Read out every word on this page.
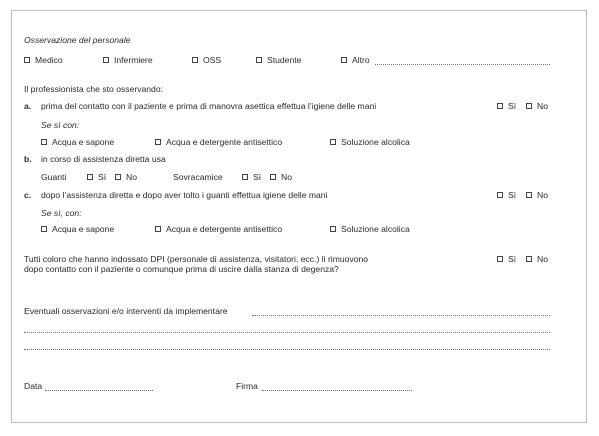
Osservazione del personale
Medico	Infermiere	OSS	Studente	Altro
Il professionista che sto osservando:
a. prima del contatto con il paziente e prima di manovra asettica effettua l’igiene delle mani	Sì	No
Se sì con:
Acqua e sapone	Acqua e detergente antisettico	Soluzione alcolica
b. in corso di assistenza diretta usa
Guanti	Sì	No	Sovracamice	Sì	No
c. dopo l’assistenza diretta e dopo aver tolto i guanti effettua igiene delle mani	Sì	No
Se sì, con:
Acqua e sapone	Acqua e detergente antisettico	Soluzione alcolica
Tutti coloro che hanno indossato DPI (personale di assistenza, visitatori, ecc.) li rimuovono
dopo contatto con il paziente o comunque prima di uscire dalla stanza di degenza?
Sì	No
Eventuali osservazioni e/o interventi da implementare
Data	Firma
